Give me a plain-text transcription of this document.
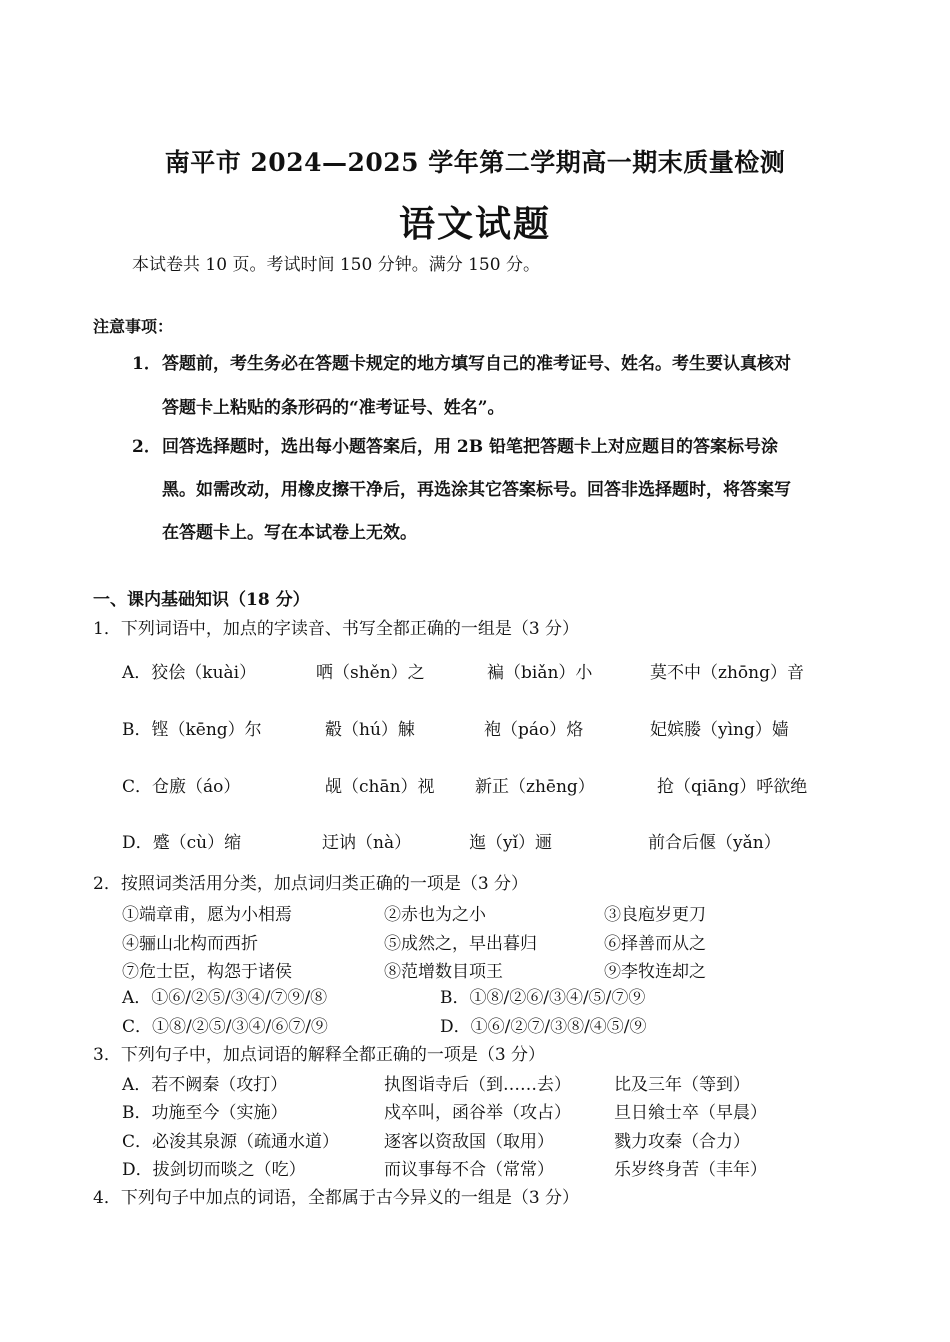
南平市 2024—2025 学年第二学期高一期末质量检测
语文试题
本试卷共 10 页。考试时间 150 分钟。满分 150 分。
注意事项：
1． 答题前，考生务必在答题卡规定的地方填写自己的准考证号、姓名。考生要认真核对
答题卡上粘贴的条形码的“准考证号、姓名”。
2． 回答选择题时，选出每小题答案后，用 2B 铅笔把答题卡上对应题目的答案标号涂
黑。如需改动，用橡皮擦干净后，再选涂其它答案标号。回答非选择题时，将答案写
在答题卡上。写在本试卷上无效。
一、课内基础知识（18 分）
1．下列词语中，加点的字读音、书写全都正确的一组是（3 分）
A．狡侩（kuài）	哂（shěn）之	褊（biǎn）小	莫不中（zhōng）音
B．铿（kēng）尔	觳（hú）觫	袍（páo）烙	妃嫔媵（yìng）嫱
C．仓廒（áo）	觇（chān）视 新正（zhēng）	抢（qiāng）呼欲绝
D．蹙（cù）缩	迂讷（nà）	迤（yǐ）逦	前合后偃（yǎn）
2．按照词类活用分类，加点词归类正确的一项是（3 分）
①端章甫，愿为小相焉	②赤也为之小	③良庖岁更刀
④骊山北构而西折	⑤成然之，早出暮归	⑥择善而从之
⑦危士臣，构怨于诸侯	⑧范增数目项王	⑨李牧连却之
A．①⑥/②⑤/③④/⑦⑨/⑧	B．①⑧/②⑥/③④/⑤/⑦⑨
C．①⑧/②⑤/③④/⑥⑦/⑨	D．①⑥/②⑦/③⑧/④⑤/⑨
3．下列句子中，加点词语的解释全都正确的一项是（3 分）
A．若不阙秦（攻打）	执图诣寺后（到……去）	比及三年（等到）
B．功施至今（实施）	戍卒叫，函谷举（攻占）	旦日飨士卒（早晨）
C．必浚其泉源（疏通水道）	逐客以资敌国（取用）	戮力攻秦（合力）
D．拔剑切而啖之（吃）	而议事每不合（常常）	乐岁终身苦（丰年）
4．下列句子中加点的词语，全都属于古今异义的一组是（3 分）
